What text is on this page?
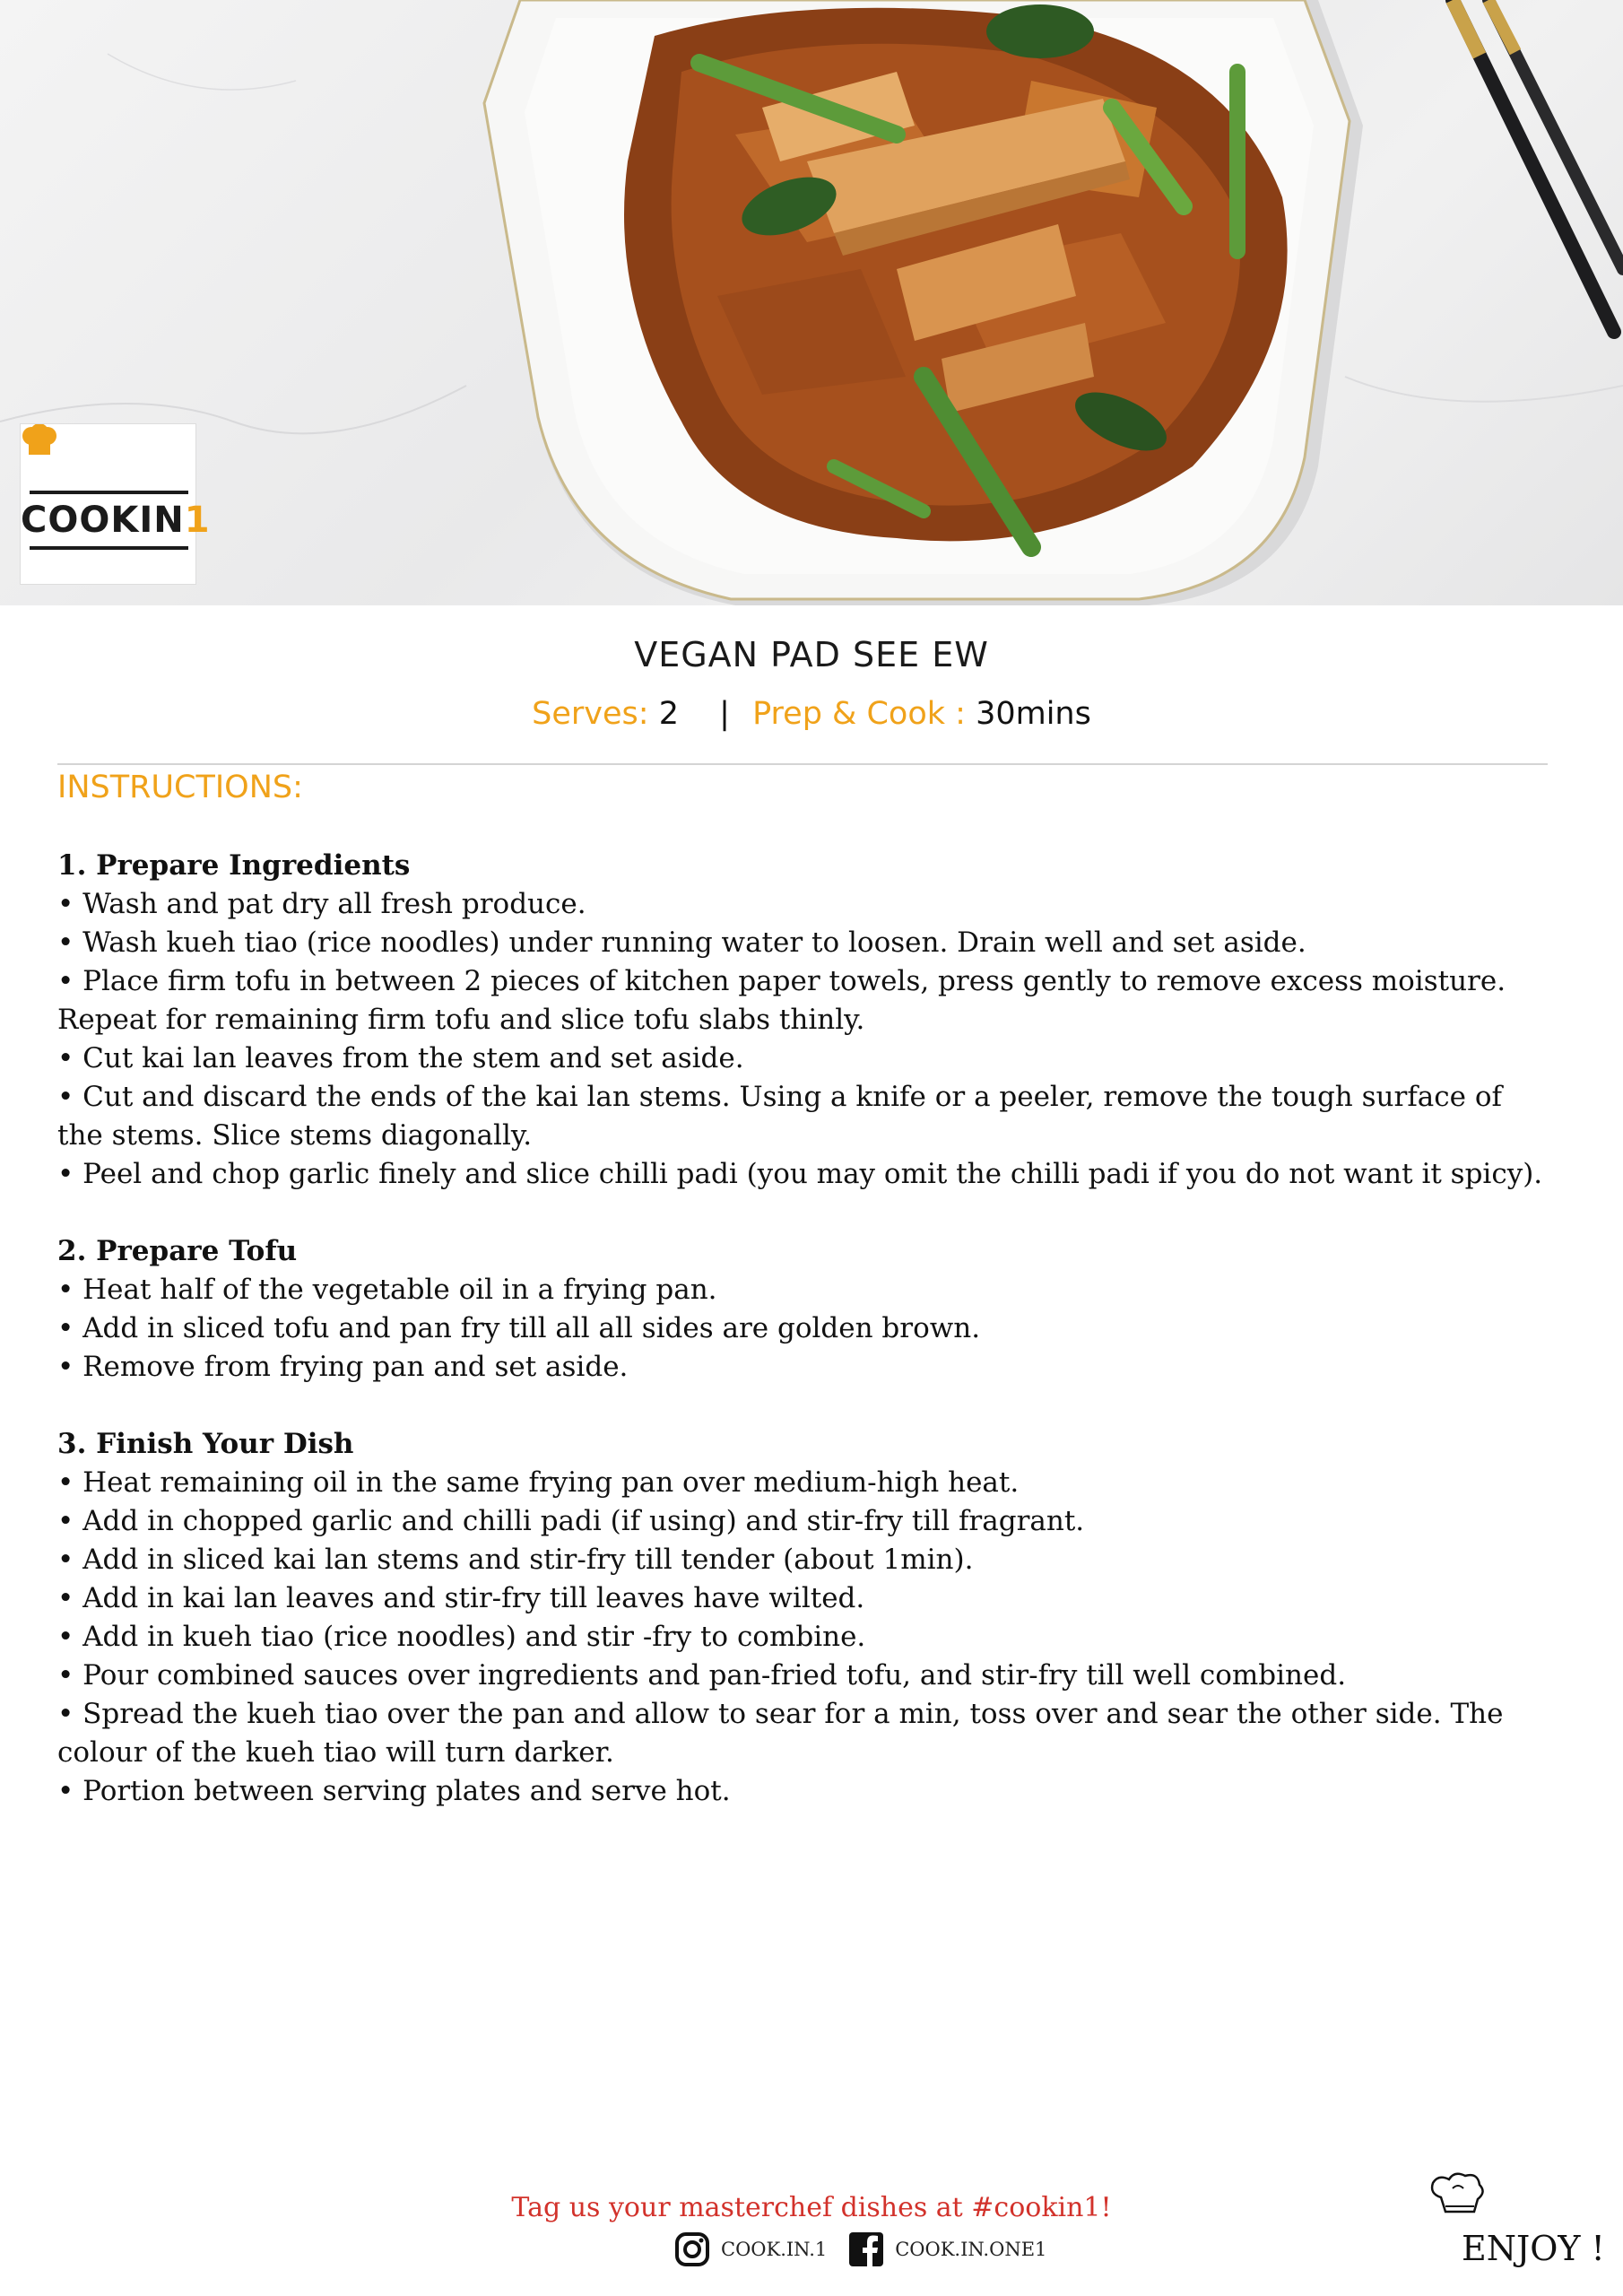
COOKIN1
VEGAN PAD SEE EW
Serves: 2 | Prep & Cook : 30mins
INSTRUCTIONS:
1. Prepare Ingredients
• Wash and pat dry all fresh produce.
• Wash kueh tiao (rice noodles) under running water to loosen. Drain well and set aside.
• Place firm tofu in between 2 pieces of kitchen paper towels, press gently to remove excess moisture. Repeat for remaining firm tofu and slice tofu slabs thinly.
• Cut kai lan leaves from the stem and set aside.
• Cut and discard the ends of the kai lan stems. Using a knife or a peeler, remove the tough surface of the stems. Slice stems diagonally.
• Peel and chop garlic finely and slice chilli padi (you may omit the chilli padi if you do not want it spicy).
2. Prepare Tofu
• Heat half of the vegetable oil in a frying pan.
• Add in sliced tofu and pan fry till all all sides are golden brown.
• Remove from frying pan and set aside.
3. Finish Your Dish
• Heat remaining oil in the same frying pan over medium-high heat.
• Add in chopped garlic and chilli padi (if using) and stir-fry till fragrant.
• Add in sliced kai lan stems and stir-fry till tender (about 1min).
• Add in kai lan leaves and stir-fry till leaves have wilted.
• Add in kueh tiao (rice noodles) and stir -fry to combine.
• Pour combined sauces over ingredients and pan-fried tofu, and stir-fry till well combined.
• Spread the kueh tiao over the pan and allow to sear for a min, toss over and sear the other side. The colour of the kueh tiao will turn darker.
• Portion between serving plates and serve hot.
Tag us your masterchef dishes at #cookin1!
COOK.IN.1	COOK.IN.ONE1	ENJOY !
